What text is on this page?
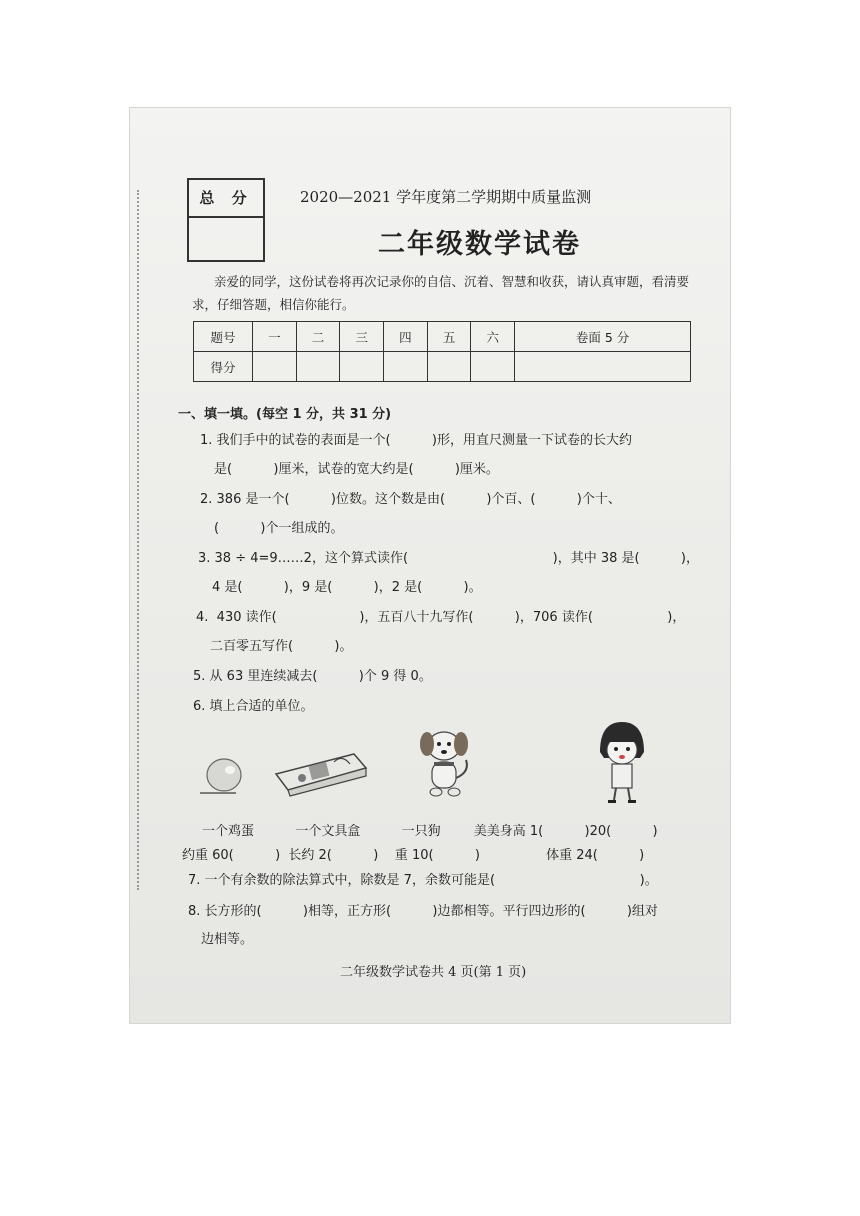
总 分	2020—2021 学年度第二学期期中质量监测
二年级数学试卷
亲爱的同学，这份试卷将再次记录你的自信、沉着、智慧和收获，请认真审题，看清要求，仔细答题，相信你能行。
题号	一	二	三	四	五	六	卷面 5 分
得分							
一、填一填。(每空 1 分，共 31 分)
1. 我们手中的试卷的表面是一个(          )形，用直尺测量一下试卷的长大约
是(          )厘米，试卷的宽大约是(          )厘米。
2. 386 是一个(          )位数。这个数是由(          )个百、(          )个十、
(          )个一组成的。
3. 38 ÷ 4=9……2，这个算式读作(                                   )，其中 38 是(          )，
4 是(          )，9 是(          )，2 是(          )。
4.  430 读作(                    )，五百八十九写作(          )，706 读作(                  )，
二百零五写作(          )。
5. 从 63 里连续减去(          )个 9 得 0。
6. 填上合适的单位。
一个鸡蛋          一个文具盒          一只狗        美美身高 1(          )20(          )
约重 60(          )  长约 2(          )    重 10(          )                体重 24(          )
7. 一个有余数的除法算式中，除数是 7，余数可能是(                                   )。
8. 长方形的(          )相等，正方形(          )边都相等。平行四边形的(          )组对
边相等。
二年级数学试卷共 4 页(第 1 页)
